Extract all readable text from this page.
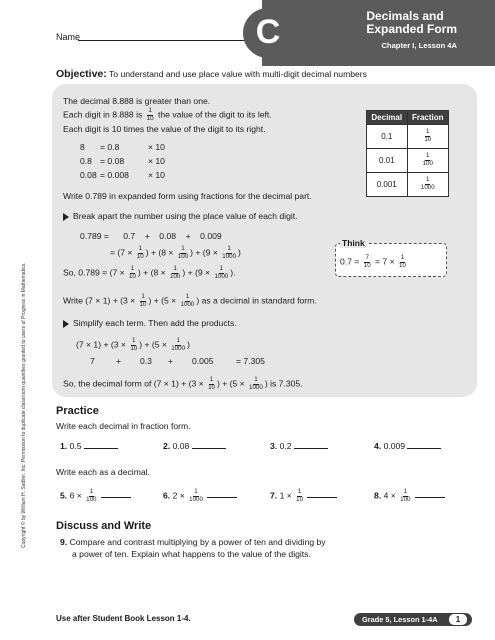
Name	C	Decimals and
Expanded Form
Chapter I, Lesson 4A
Objective: To understand and use place value with multi-digit decimal numbers
Copyright © by William H. Sadlier, Inc. Permission to duplicate classroom quantities granted to users of Progress in Mathematics.
The decimal 8.888 is greater than one.
Each digit in 8.888 is $\frac{1}{10}$ the value of the digit to its left.
Each digit is 10 times the value of the digit to its right.
8 = 0.8	× 10
0.8 = 0.08	× 10
0.08 = 0.008 × 10
Decimal	Fraction
0.1	$\frac{1}{10}$

0.01	$\frac{1}{100}$

0.001	$\frac{1}{1000}$
Write 0.789 in expanded form using fractions for the decimal part.
Break apart the number using the place value of each digit.
0.789 =      0.7    +    0.08    +    0.009
= ($7 \times \frac{1}{10}$ ) + ($8 \times \frac{1}{100}$ ) + ($9 \times \frac{1}{1000}$ )
So, $0.789 = (7 \times \frac{1}{10}$ ) + ($8 \times \frac{1}{100}$ ) + ($9 \times \frac{1}{1000}$ ).
Think
$0.7 = \frac{7}{10} = 7 \times \frac{1}{10}$
Write $(7 \times 1) + (3 \times \frac{1}{10}$ ) + ($5 \times \frac{1}{1000}$ ) as a decimal in standard form.
Simplify each term. Then add the products.
$(7 \times 1) + (3 \times \frac{1}{10}$ ) + ($5 \times \frac{1}{1000}$ )
7 + 0.3 + 0.005	= 7.305
So, the decimal form of $(7 \times 1) + (3 \times \frac{1}{10}$ ) + ($5 \times \frac{1}{1000}$ ) is 7.305.
Practice
Write each decimal in fraction form.
1. 0.5	2. 0.08	3. 0.2	4. 0.009
Write each as a decimal.
5. $6 \times \frac{1}{100}$
	6. $2 \times \frac{1}{1000}$
	7. $1 \times \frac{1}{10}$
	8. $4 \times \frac{1}{100}$

Discuss and Write
9. Compare and contrast multiplying by a power of ten and dividing by
a power of ten. Explain what happens to the value of the digits.
Use after Student Book Lesson 1-4.	Grade 5, Lesson 1-4A	1
